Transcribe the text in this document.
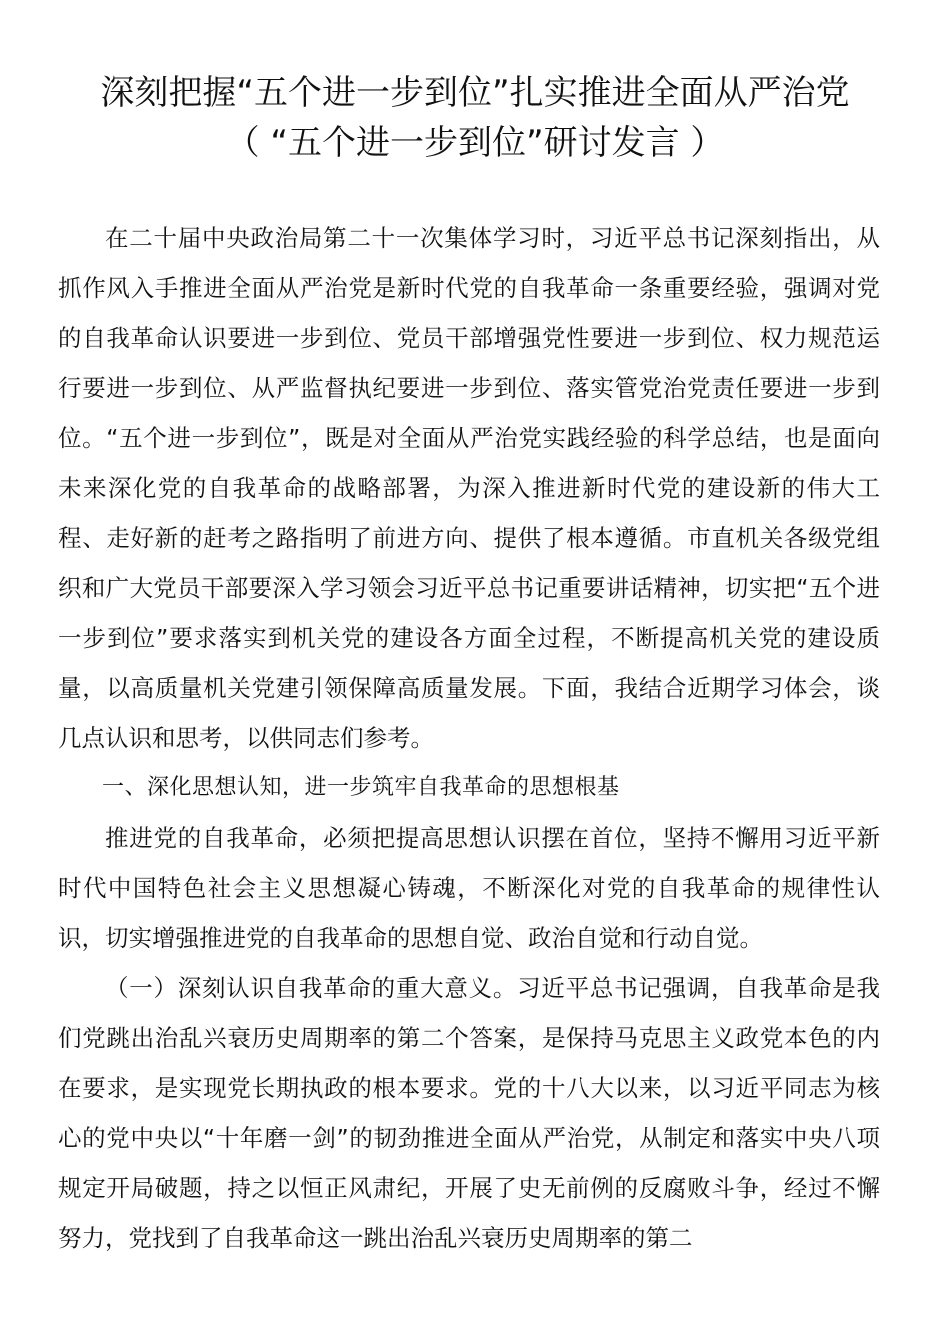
深刻把握“五个进一步到位”扎实推进全面从严治党
（ “五个进一步到位”研讨发言 ）

在二十届中央政治局第二十一次集体学习时，习近平总书记深刻指出，从抓作风入手推进全面从严治党是新时代党的自我革命一条重要经验，强调对党的自我革命认识要进一步到位、党员干部增强党性要进一步到位、权力规范运行要进一步到位、从严监督执纪要进一步到位、落实管党治党责任要进一步到位。“五个进一步到位”，既是对全面从严治党实践经验的科学总结，也是面向未来深化党的自我革命的战略部署，为深入推进新时代党的建设新的伟大工程、走好新的赶考之路指明了前进方向、提供了根本遵循。市直机关各级党组织和广大党员干部要深入学习领会习近平总书记重要讲话精神，切实把“五个进一步到位”要求落实到机关党的建设各方面全过程，不断提高机关党的建设质量，以高质量机关党建引领保障高质量发展。下面，我结合近期学习体会，谈几点认识和思考，以供同志们参考。

一、深化思想认知，进一步筑牢自我革命的思想根基

推进党的自我革命，必须把提高思想认识摆在首位，坚持不懈用习近平新时代中国特色社会主义思想凝心铸魂，不断深化对党的自我革命的规律性认识，切实增强推进党的自我革命的思想自觉、政治自觉和行动自觉。

（一）深刻认识自我革命的重大意义。习近平总书记强调，自我革命是我们党跳出治乱兴衰历史周期率的第二个答案，是保持马克思主义政党本色的内在要求，是实现党长期执政的根本要求。党的十八大以来，以习近平同志为核心的党中央以“十年磨一剑”的韧劲推进全面从严治党，从制定和落实中央八项规定开局破题，持之以恒正风肃纪，开展了史无前例的反腐败斗争，经过不懈努力，党找到了自我革命这一跳出治乱兴衰历史周期率的第二
